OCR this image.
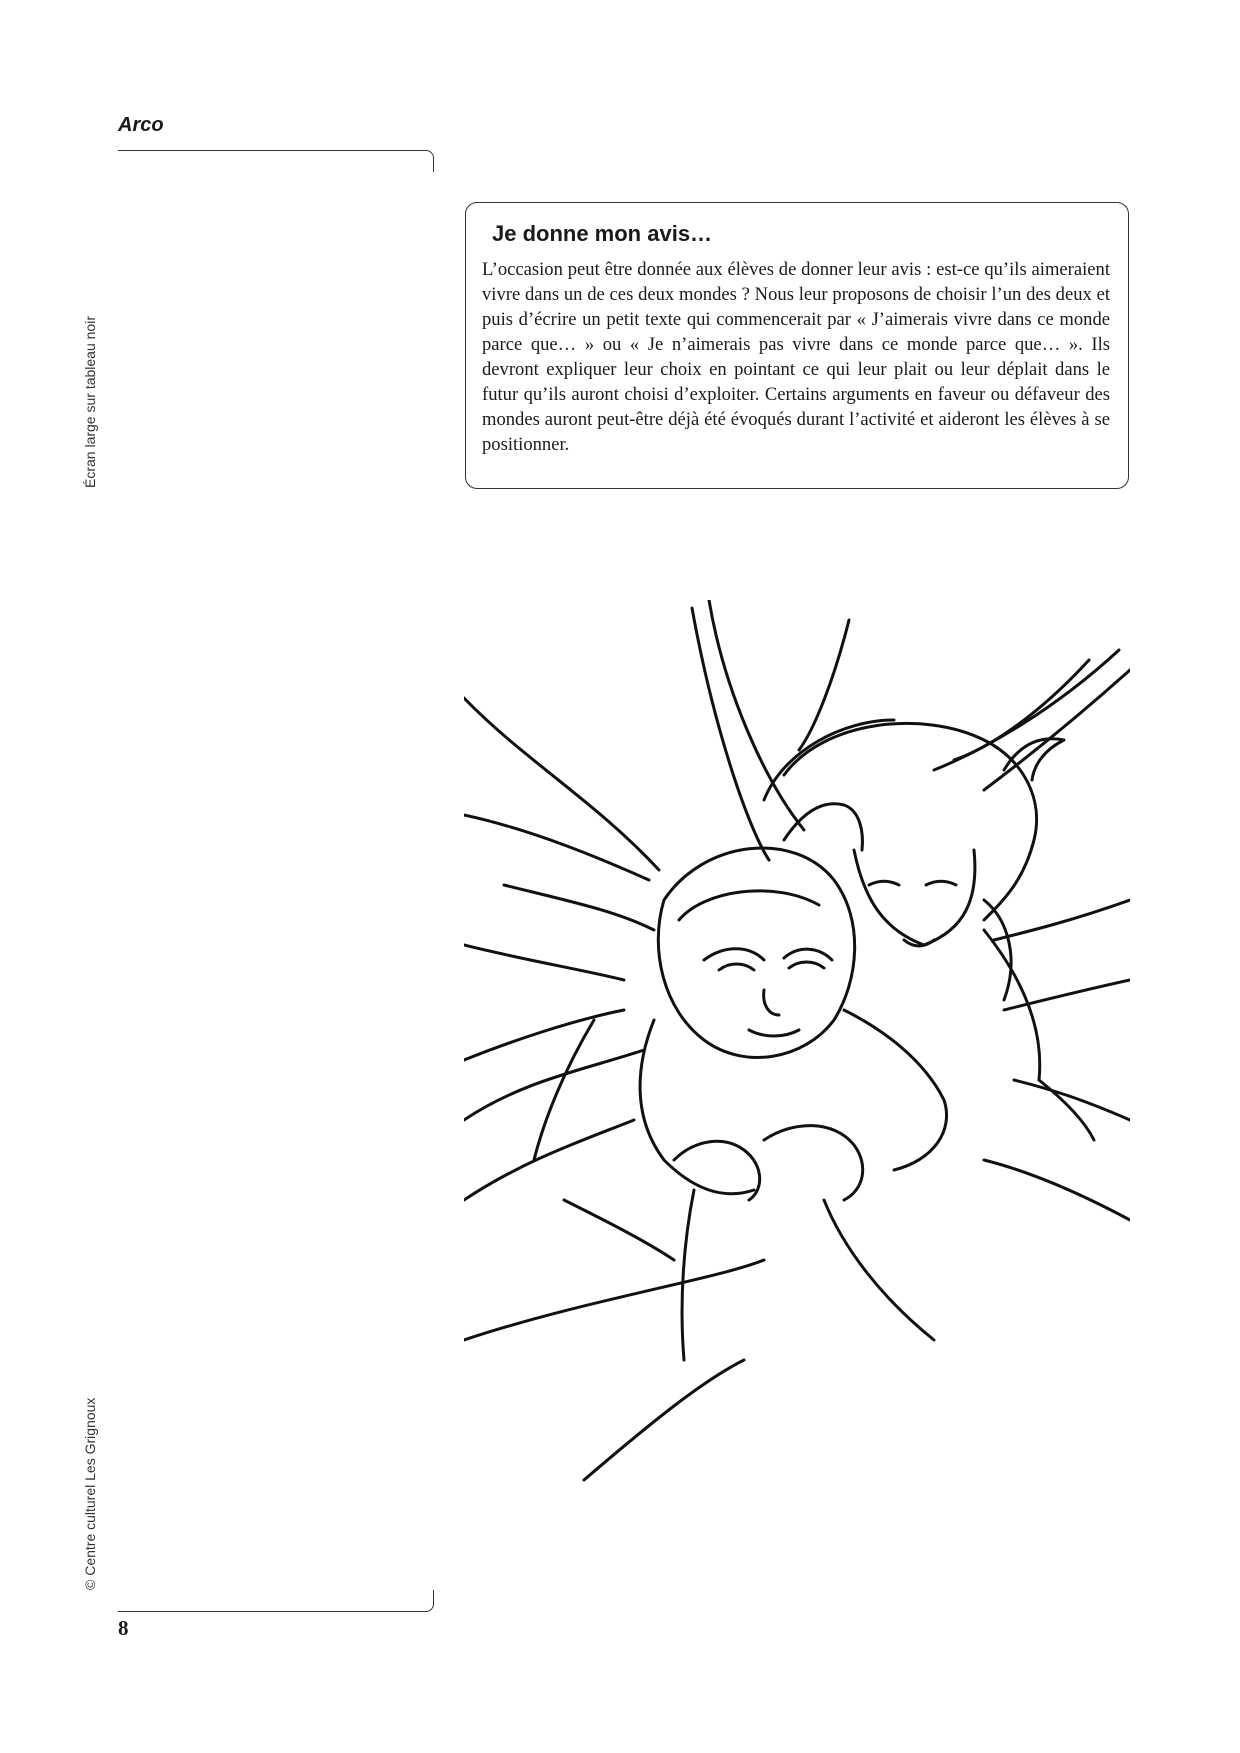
Arco
Écran large sur tableau noir
© Centre culturel Les Grignoux
Je donne mon avis…

L’occasion peut être donnée aux élèves de donner leur avis : est-ce qu’ils aimeraient vivre dans un de ces deux mondes ? Nous leur proposons de choisir l’un des deux et puis d’écrire un petit texte qui commencerait par « J’aimerais vivre dans ce monde parce que… » ou « Je n’aimerais pas vivre dans ce monde parce que… ». Ils devront expliquer leur choix en pointant ce qui leur plait ou leur déplait dans le futur qu’ils auront choisi d’exploiter. Certains arguments en faveur ou défaveur des mondes auront peut-être déjà été évoqués durant l’activité et aideront les élèves à se positionner.

8
